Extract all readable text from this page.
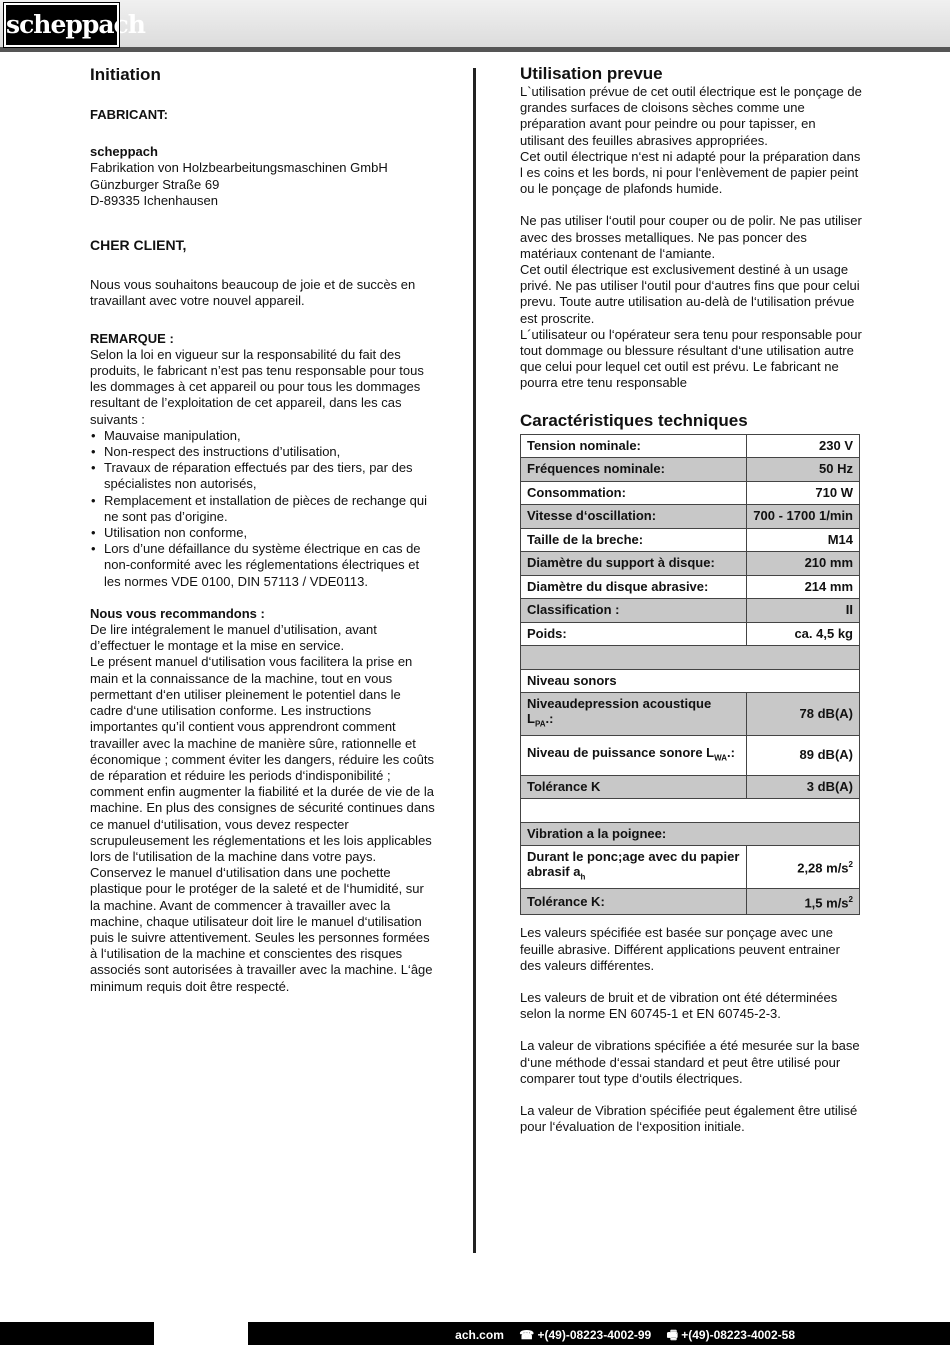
scheppach
Initiation
FABRICANT:
scheppach
Fabrikation von Holzbearbeitungsmaschinen GmbH
Günzburger Straße 69
D-89335 Ichenhausen
CHER CLIENT,
Nous vous souhaitons beaucoup de joie et de succès en travaillant avec votre nouvel appareil.
REMARQUE :
Selon la loi en vigueur sur la responsabilité du fait des produits, le fabricant n’est pas tenu responsable pour tous les dommages à cet appareil ou pour tous les dommages resultant de l’exploitation de cet appareil, dans les cas suivants :
• Mauvaise manipulation,
• Non-respect des instructions d’utilisation,
• Travaux de réparation effectués par des tiers, par des spécialistes non autorisés,
• Remplacement et installation de pièces de rechange qui ne sont pas d’origine.
• Utilisation non conforme,
• Lors d’une défaillance du système électrique en cas de non-conformité avec les réglementations électriques et les normes VDE 0100, DIN 57113 / VDE0113.
Nous vous recommandons :
De lire intégralement le manuel d’utilisation, avant d’effectuer le montage et la mise en service.
Le présent manuel d‘utilisation vous facilitera la prise en main et la connaissance de la machine, tout en vous permettant d‘en utiliser pleinement le potentiel dans le cadre d‘une utilisation conforme. Les instructions importantes qu’il contient vous apprendront comment travailler avec la machine de manière sûre, rationnelle et économique ; comment éviter les dangers, réduire les coûts de réparation et réduire les periods d‘indisponibilité ; comment enfin augmenter la fiabilité et la durée de vie de la machine. En plus des consignes de sécurité continues dans ce manuel d‘utilisation, vous devez respecter scrupuleusement les réglementations et les lois applicables lors de l‘utilisation de la machine dans votre pays.
Conservez le manuel d‘utilisation dans une pochette plastique pour le protéger de la saleté et de l‘humidité, sur la machine. Avant de commencer à travailler avec la machine, chaque utilisateur doit lire le manuel d‘utilisation puis le suivre attentivement. Seules les personnes formées à l‘utilisation de la machine et conscientes des risques associés sont autorisées à travailler avec la machine. L‘âge minimum requis doit être respecté.
Utilisation prevue
L`utilisation prévue de cet outil électrique est le ponçage de grandes surfaces de cloisons sèches comme une préparation avant pour peindre ou pour tapisser, en utilisant des feuilles abrasives appropriées.
Cet outil électrique n‘est ni adapté pour la préparation dans l es coins et les bords, ni pour l‘enlèvement de papier peint ou le ponçage de plafonds humide.
Ne pas utiliser l‘outil pour couper ou de polir. Ne pas utiliser avec des brosses metalliques. Ne pas poncer des matériaux contenant de l‘amiante.
Cet outil électrique est exclusivement destiné à un usage privé. Ne pas utiliser l‘outil pour d‘autres fins que pour celui prevu. Toute autre utilisation au-delà de l‘utilisation prévue est proscrite.
L´utilisateur ou l‘opérateur sera tenu pour responsable pour tout dommage ou blessure résultant d‘une utilisation autre que celui pour lequel cet outil est prévu. Le fabricant ne pourra etre tenu responsable
Caractéristiques techniques
Tension nominale:	230 V
Fréquences nominale:	50 Hz
Consommation:	710 W
Vitesse d‘oscillation:	700 - 1700 1/min
Taille de la breche:	M14
Diamètre du support à disque:	210 mm
Diamètre du disque abrasive:	214 mm
Classification :	II
Poids:	ca. 4,5 kg

Niveau sonors	
Niveaudepression acoustique $L_{PA}$.:	78 dB(A)
Niveau de puissance sonore $L_{WA}$.:	89 dB(A)
Tolérance K	3 dB(A)

Vibration a la poignee:	
Durant le ponc;age avec du papier abrasif $a_h$	2,28 $m/s^2$
Tolérance K:	1,5 $m/s^2$
Les valeurs spécifiée est basée sur ponçage avec une feuille abrasive. Différent applications peuvent entrainer des valeurs différentes.
Les valeurs de bruit et de vibration ont été déterminées selon la norme EN 60745-1 et EN 60745-2-3.
La valeur de vibrations spécifiée a été mesurée sur la base d‘une méthode d‘essai standard et peut être utilisé pour comparer tout type d‘outils électriques.
La valeur de Vibration spécifiée peut également être utilisé pour l‘évaluation de l‘exposition initiale.
ach.com ☎ +(49)-08223-4002-99 🖷 +(49)-08223-4002-58
